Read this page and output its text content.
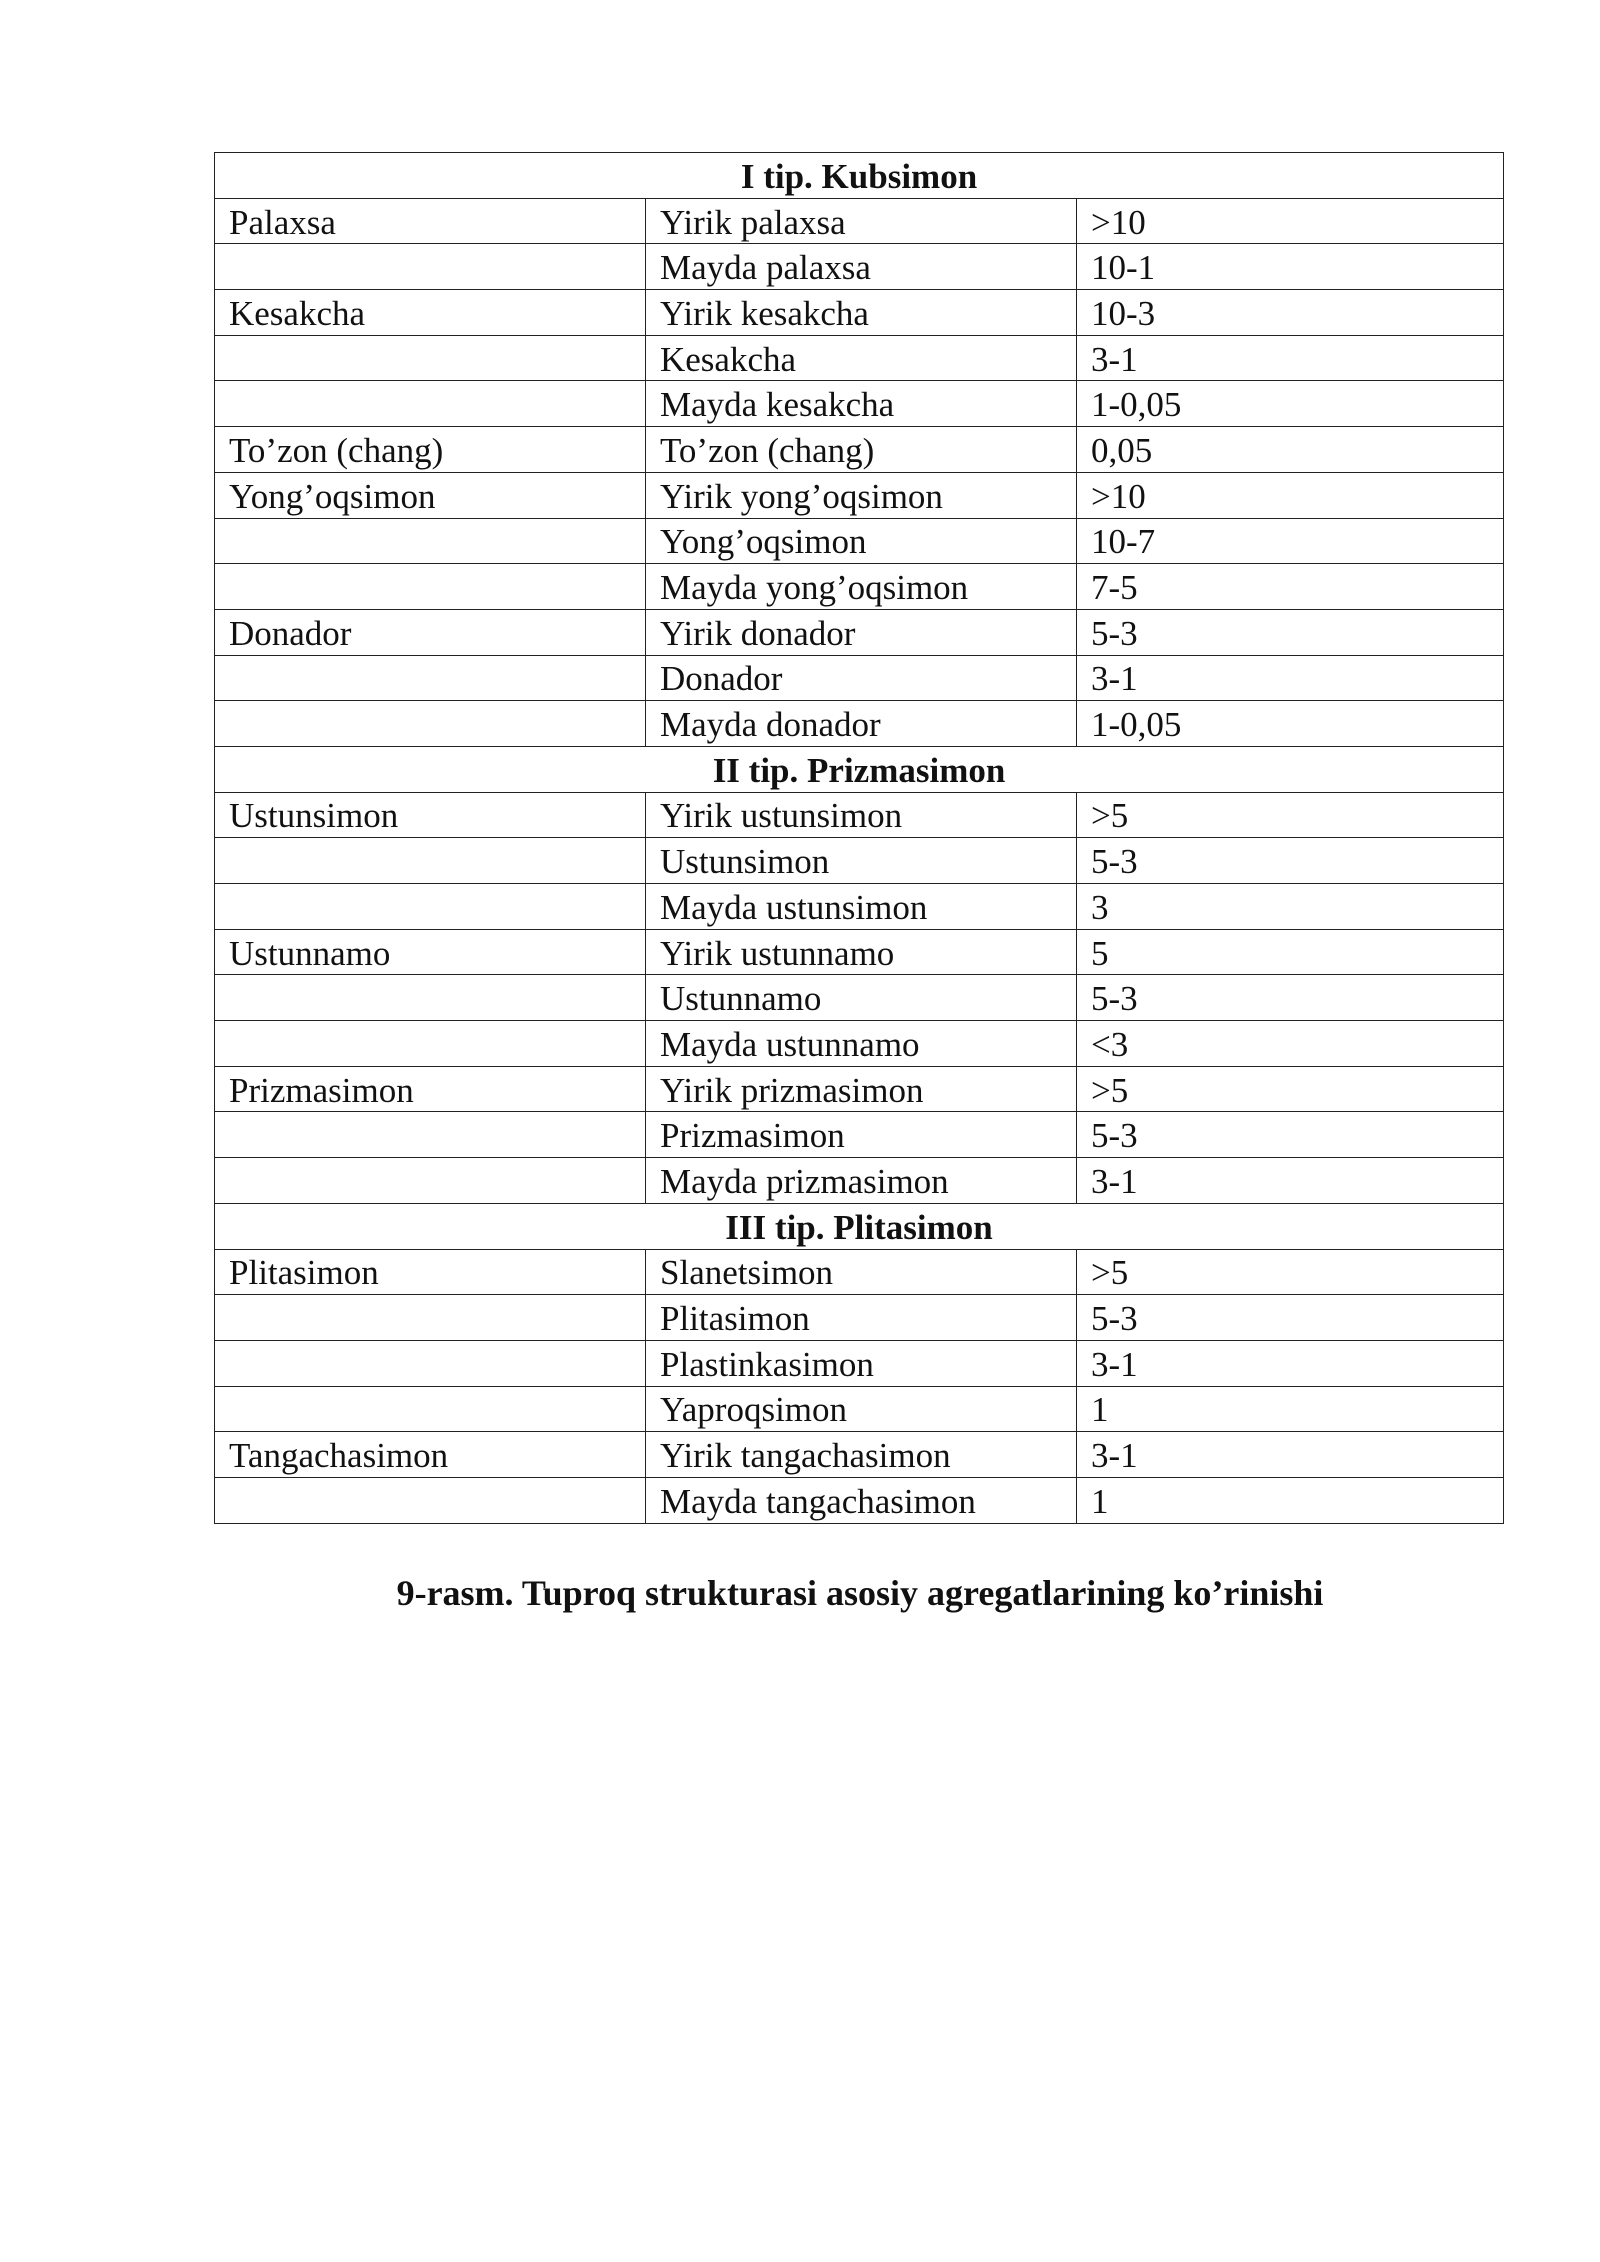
I tip. Kubsimon		
Palaxsa	Yirik palaxsa	>10
	Mayda palaxsa	10-1
Kesakcha	Yirik kesakcha	10-3
	Kesakcha	3-1
	Mayda kesakcha	1-0,05
To’zon (chang)	To’zon (chang)	0,05
Yong’oqsimon	Yirik yong’oqsimon	>10
	Yong’oqsimon	10-7
	Mayda yong’oqsimon	7-5
Donador	Yirik donador	5-3
	Donador	3-1
	Mayda donador	1-0,05
II tip. Prizmasimon		
Ustunsimon	Yirik ustunsimon	>5
	Ustunsimon	5-3
	Mayda ustunsimon	3
Ustunnamo	Yirik ustunnamo	5
	Ustunnamo	5-3
	Mayda ustunnamo	<3
Prizmasimon	Yirik prizmasimon	>5
	Prizmasimon	5-3
	Mayda prizmasimon	3-1
III tip. Plitasimon		
Plitasimon	Slanetsimon	>5
	Plitasimon	5-3
	Plastinkasimon	3-1
	Yaproqsimon	1
Tangachasimon	Yirik tangachasimon	3-1
	Mayda tangachasimon	1
9-rasm. Tuproq strukturasi asosiy agregatlarining ko’rinishi
